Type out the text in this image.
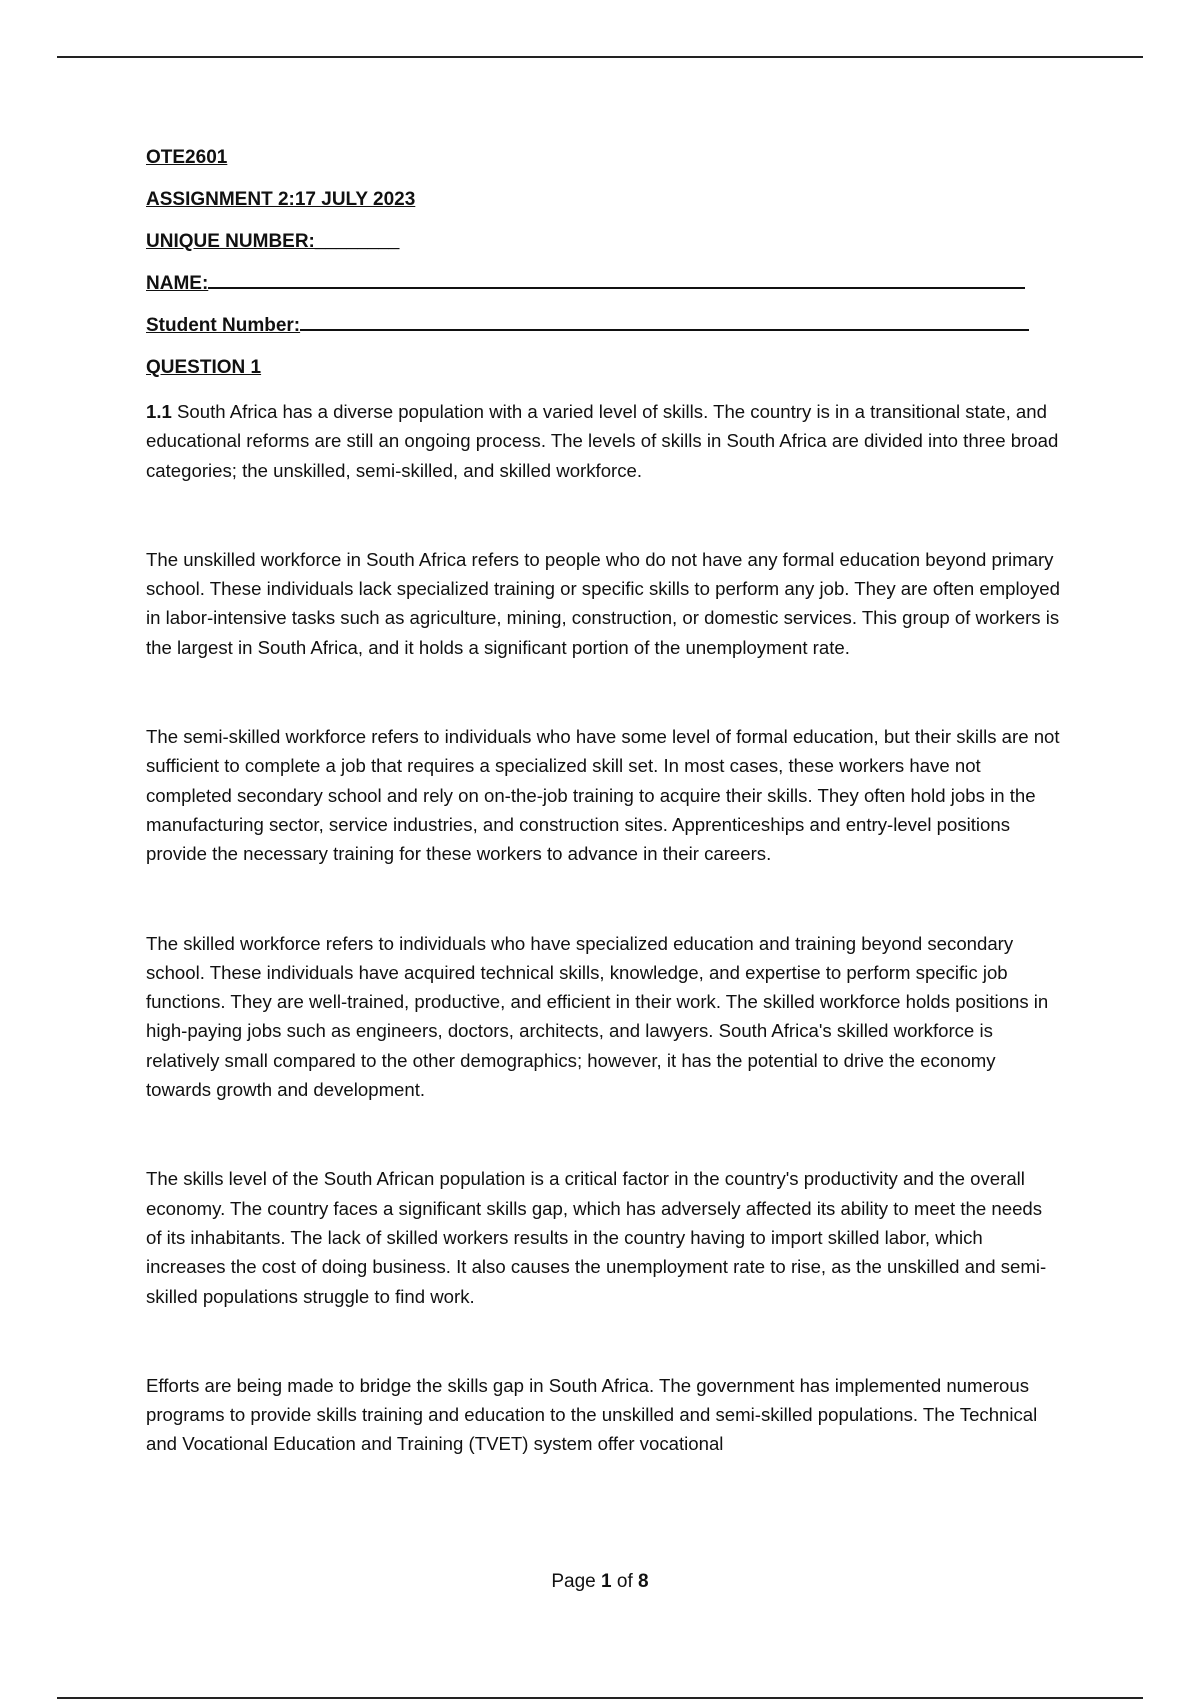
OTE2601
ASSIGNMENT 2:17 JULY 2023
UNIQUE NUMBER:________
NAME:
Student Number:
QUESTION 1

1.1 South Africa has a diverse population with a varied level of skills. The country is in a transitional state, and educational reforms are still an ongoing process. The levels of skills in South Africa are divided into three broad categories; the unskilled, semi-skilled, and skilled workforce.

The unskilled workforce in South Africa refers to people who do not have any formal education beyond primary school. These individuals lack specialized training or specific skills to perform any job. They are often employed in labor-intensive tasks such as agriculture, mining, construction, or domestic services. This group of workers is the largest in South Africa, and it holds a significant portion of the unemployment rate.

The semi-skilled workforce refers to individuals who have some level of formal education, but their skills are not sufficient to complete a job that requires a specialized skill set. In most cases, these workers have not completed secondary school and rely on on-the-job training to acquire their skills. They often hold jobs in the manufacturing sector, service industries, and construction sites. Apprenticeships and entry-level positions provide the necessary training for these workers to advance in their careers.

The skilled workforce refers to individuals who have specialized education and training beyond secondary school. These individuals have acquired technical skills, knowledge, and expertise to perform specific job functions. They are well-trained, productive, and efficient in their work. The skilled workforce holds positions in high-paying jobs such as engineers, doctors, architects, and lawyers. South Africa's skilled workforce is relatively small compared to the other demographics; however, it has the potential to drive the economy towards growth and development.

The skills level of the South African population is a critical factor in the country's productivity and the overall economy. The country faces a significant skills gap, which has adversely affected its ability to meet the needs of its inhabitants. The lack of skilled workers results in the country having to import skilled labor, which increases the cost of doing business. It also causes the unemployment rate to rise, as the unskilled and semi-skilled populations struggle to find work.

Efforts are being made to bridge the skills gap in South Africa. The government has implemented numerous programs to provide skills training and education to the unskilled and semi-skilled populations. The Technical and Vocational Education and Training (TVET) system offer vocational

Page 1 of 8
